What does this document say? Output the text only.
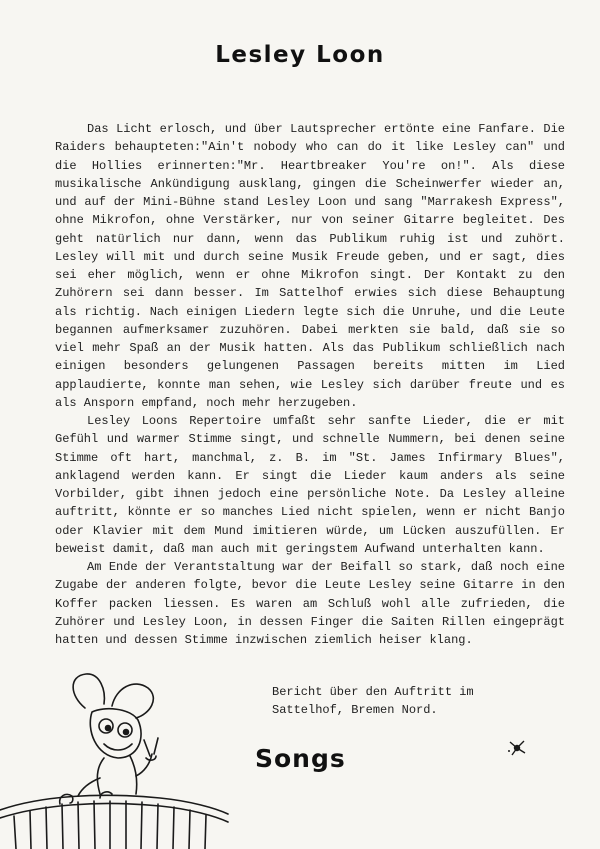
Lesley Loon

Das Licht erlosch, und über Lautsprecher ertönte eine Fanfare. Die Raiders behaupteten:"Ain't nobody who can do it like Lesley can" und die Hollies erinnerten:"Mr. Heartbreaker You're on!". Als diese musikalische Ankündigung ausklang, gingen die Scheinwerfer wieder an, und auf der Mini-Bühne stand Lesley Loon und sang "Marrakesh Express", ohne Mikrofon, ohne Verstärker, nur von seiner Gitarre begleitet. Des geht natürlich nur dann, wenn das Publikum ruhig ist und zuhört. Lesley will mit und durch seine Musik Freude geben, und er sagt, dies sei eher möglich, wenn er ohne Mikrofon singt. Der Kontakt zu den Zuhörern sei dann besser. Im Sattelhof erwies sich diese Behauptung als richtig. Nach einigen Liedern legte sich die Unruhe, und die Leute begannen aufmerksamer zuzuhören. Dabei merkten sie bald, daß sie so viel mehr Spaß an der Musik hatten. Als das Publikum schließlich nach einigen besonders gelungenen Passagen bereits mitten im Lied applaudierte, konnte man sehen, wie Lesley sich darüber freute und es als Ansporn empfand, noch mehr herzugeben.

Lesley Loons Repertoire umfaßt sehr sanfte Lieder, die er mit Gefühl und warmer Stimme singt, und schnelle Nummern, bei denen seine Stimme oft hart, manchmal, z. B. im "St. James Infirmary Blues", anklagend werden kann. Er singt die Lieder kaum anders als seine Vorbilder, gibt ihnen jedoch eine persönliche Note. Da Lesley alleine auftritt, könnte er so manches Lied nicht spielen, wenn er nicht Banjo oder Klavier mit dem Mund imitieren würde, um Lücken auszufüllen. Er beweist damit, daß man auch mit geringstem Aufwand unterhalten kann.

Am Ende der Verantstaltung war der Beifall so stark, daß noch eine Zugabe der anderen folgte, bevor die Leute Lesley seine Gitarre in den Koffer packen liessen. Es waren am Schluß wohl alle zufrieden, die Zuhörer und Lesley Loon, in dessen Finger die Saiten Rillen eingeprägt hatten und dessen Stimme inzwischen ziemlich heiser klang.

Bericht über den Auftritt im
Sattelhof, Bremen Nord.
Songs
